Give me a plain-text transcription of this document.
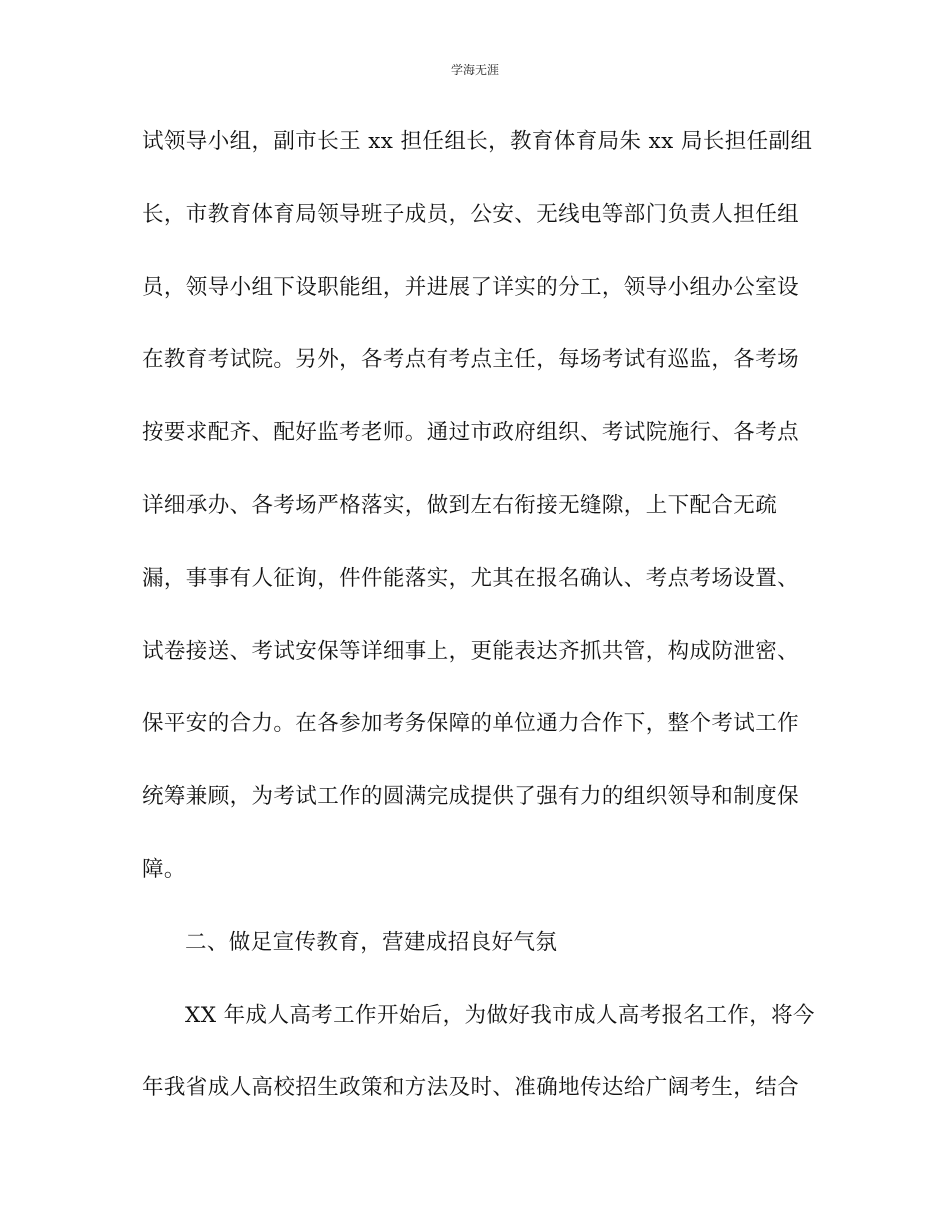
学海无涯
试领导小组，副市长王 xx 担任组长，教育体育局朱 xx 局长担任副组
长，市教育体育局领导班子成员，公安、无线电等部门负责人担任组
员，领导小组下设职能组，并进展了详实的分工，领导小组办公室设
在教育考试院。另外，各考点有考点主任，每场考试有巡监，各考场
按要求配齐、配好监考老师。通过市政府组织、考试院施行、各考点
详细承办、各考场严格落实，做到左右衔接无缝隙，上下配合无疏
漏，事事有人征询，件件能落实，尤其在报名确认、考点考场设置、
试卷接送、考试安保等详细事上，更能表达齐抓共管，构成防泄密、
保平安的合力。在各参加考务保障的单位通力合作下，整个考试工作
统筹兼顾，为考试工作的圆满完成提供了强有力的组织领导和制度保
障。
二、做足宣传教育，营建成招良好气氛
XX 年成人高考工作开始后，为做好我市成人高考报名工作，将今
年我省成人高校招生政策和方法及时、准确地传达给广阔考生，结合
